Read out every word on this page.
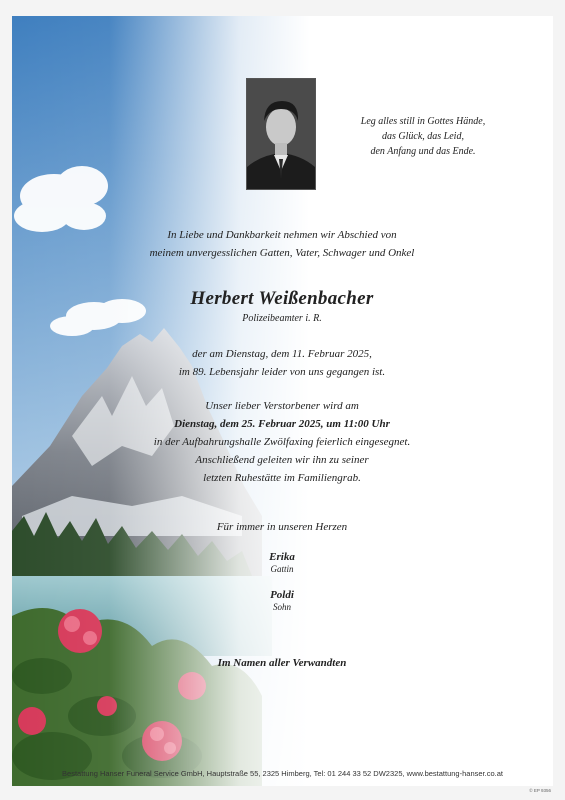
Leg alles still in Gottes Hände,
das Glück, das Leid,
den Anfang und das Ende.
In Liebe und Dankbarkeit nehmen wir Abschied von
meinem unvergesslichen Gatten, Vater, Schwager und Onkel
Herbert Weißenbacher
Polizeibeamter i. R.
der am Dienstag, dem 11. Februar 2025,
im 89. Lebensjahr leider von uns gegangen ist.
Unser lieber Verstorbener wird am
Dienstag, dem 25. Februar 2025, um 11:00 Uhr
in der Aufbahrungshalle Zwölfaxing feierlich eingesegnet.
Anschließend geleiten wir ihn zu seiner
letzten Ruhestätte im Familiengrab.
Für immer in unseren Herzen
Erika
Gattin
Poldi
Sohn
Im Namen aller Verwandten
Bestattung Hanser Funeral Service GmbH, Hauptstraße 55, 2325 Himberg, Tel: 01 244 33 52 DW2325, www.bestattung-hanser.co.at
© EP 9356
